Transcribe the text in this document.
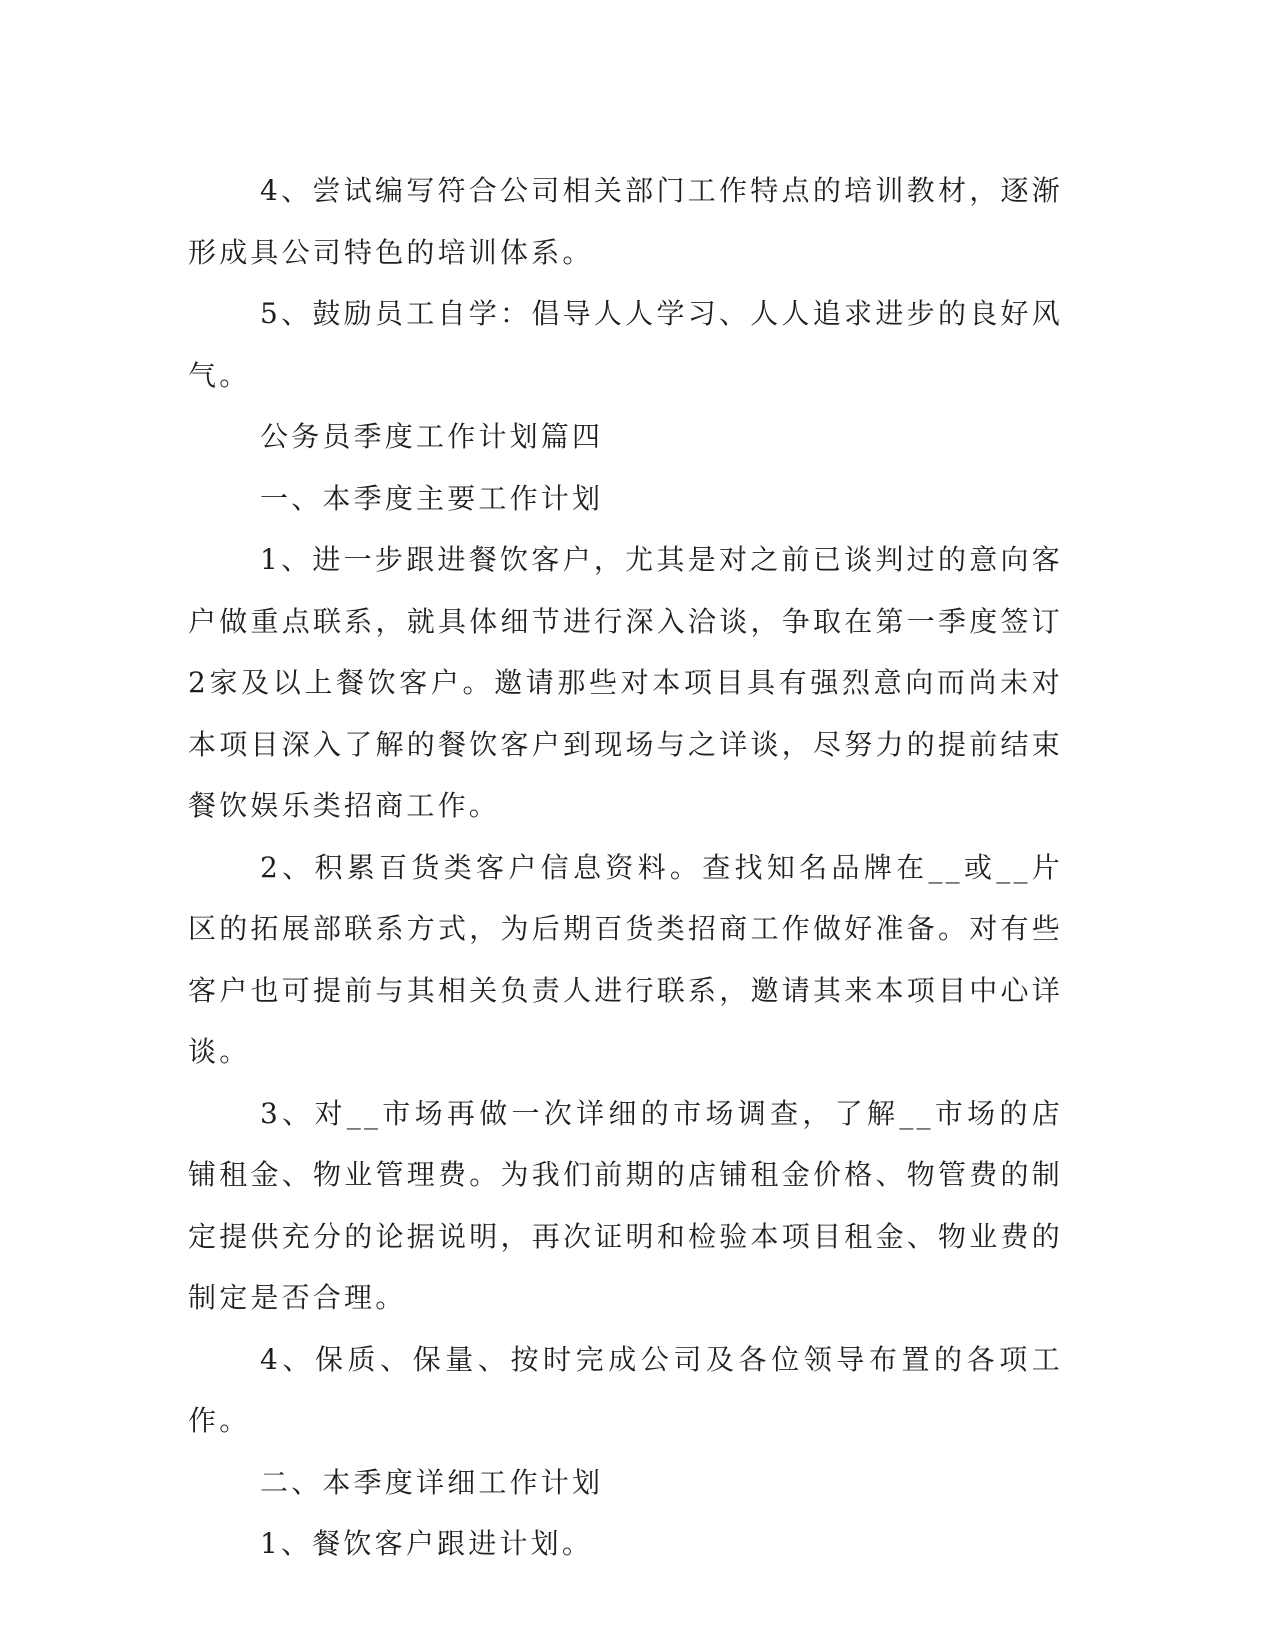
4、尝试编写符合公司相关部门工作特点的培训教材，逐渐形成具公司特色的培训体系。

5、鼓励员工自学：倡导人人学习、人人追求进步的良好风气。

公务员季度工作计划篇四

一、本季度主要工作计划

1、进一步跟进餐饮客户，尤其是对之前已谈判过的意向客户做重点联系，就具体细节进行深入洽谈，争取在第一季度签订2家及以上餐饮客户。邀请那些对本项目具有强烈意向而尚未对本项目深入了解的餐饮客户到现场与之详谈，尽努力的提前结束餐饮娱乐类招商工作。

2、积累百货类客户信息资料。查找知名品牌在__或__片区的拓展部联系方式，为后期百货类招商工作做好准备。对有些客户也可提前与其相关负责人进行联系，邀请其来本项目中心详谈。

3、对__市场再做一次详细的市场调查，了解__市场的店铺租金、物业管理费。为我们前期的店铺租金价格、物管费的制定提供充分的论据说明，再次证明和检验本项目租金、物业费的制定是否合理。

4、保质、保量、按时完成公司及各位领导布置的各项工作。

二、本季度详细工作计划

1、餐饮客户跟进计划。
